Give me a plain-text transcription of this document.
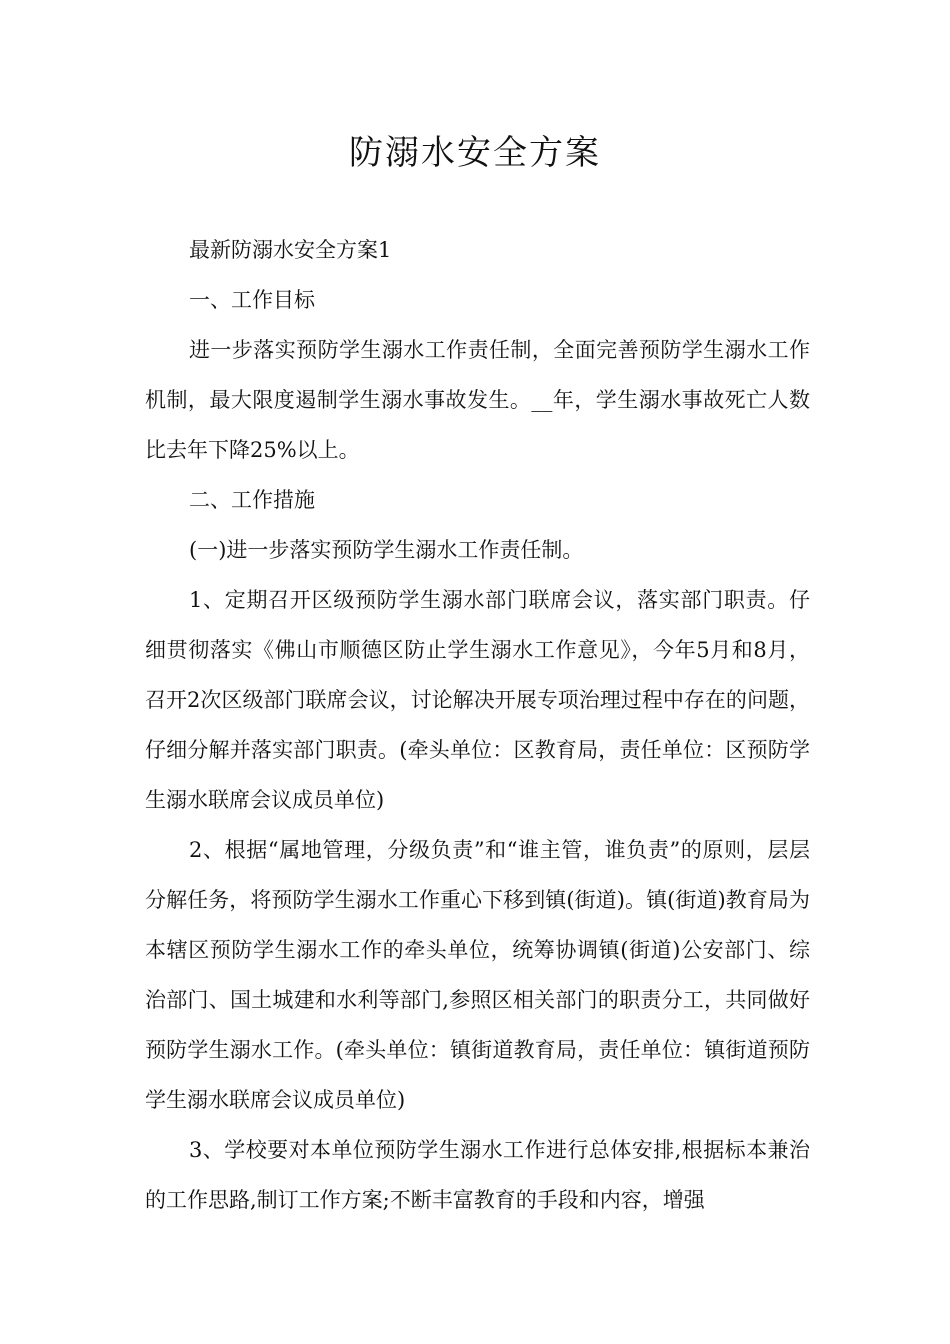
防溺水安全方案

最新防溺水安全方案1

一、工作目标

进一步落实预防学生溺水工作责任制，全面完善预防学生溺水工作机制，最大限度遏制学生溺水事故发生。__年，学生溺水事故死亡人数比去年下降25%以上。

二、工作措施

(一)进一步落实预防学生溺水工作责任制。

1、定期召开区级预防学生溺水部门联席会议，落实部门职责。仔细贯彻落实《佛山市顺德区防止学生溺水工作意见》，今年5月和8月，召开2次区级部门联席会议，讨论解决开展专项治理过程中存在的问题，仔细分解并落实部门职责。(牵头单位：区教育局，责任单位：区预防学生溺水联席会议成员单位)

2、根据“属地管理，分级负责”和“谁主管，谁负责”的原则，层层分解任务，将预防学生溺水工作重心下移到镇(街道)。镇(街道)教育局为本辖区预防学生溺水工作的牵头单位，统筹协调镇(街道)公安部门、综治部门、国土城建和水利等部门,参照区相关部门的职责分工，共同做好预防学生溺水工作。(牵头单位：镇街道教育局，责任单位：镇街道预防学生溺水联席会议成员单位)

3、学校要对本单位预防学生溺水工作进行总体安排,根据标本兼治的工作思路,制订工作方案;不断丰富教育的手段和内容，增强
